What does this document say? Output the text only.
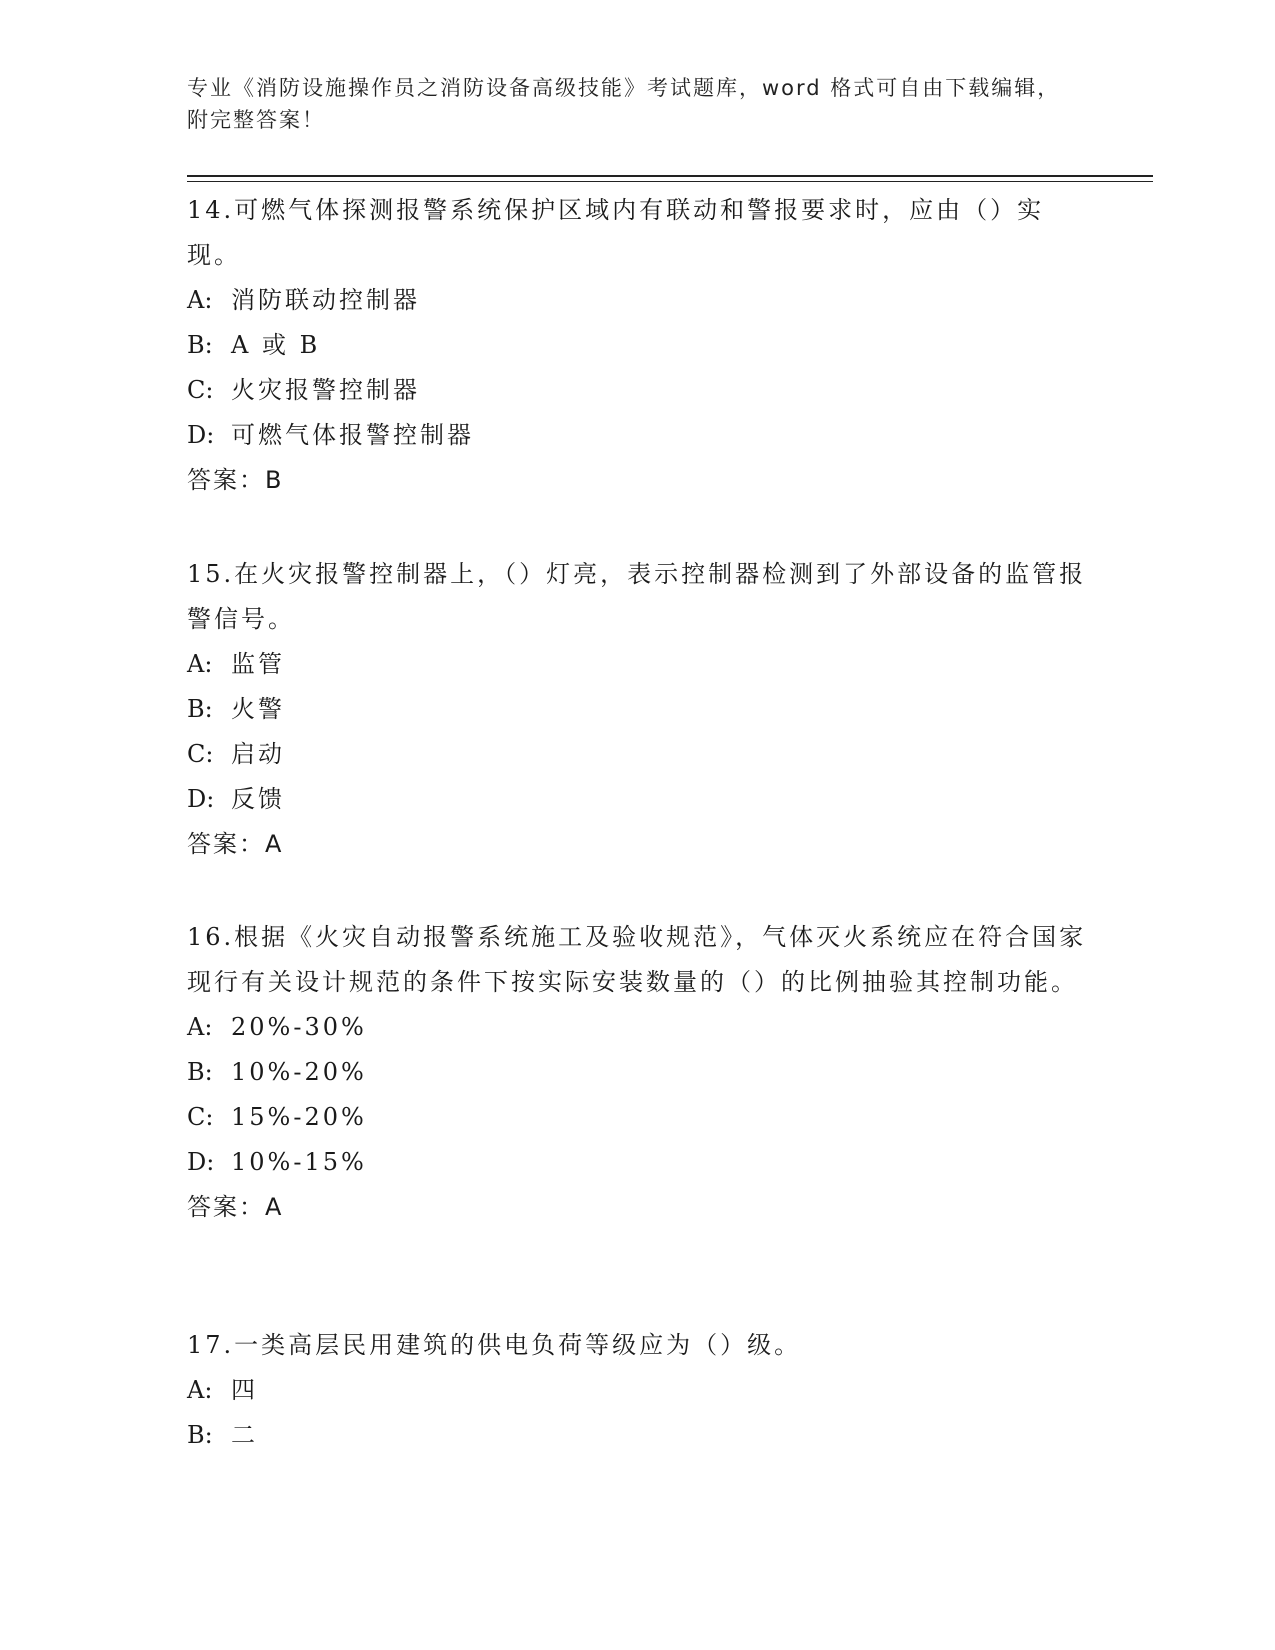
专业《消防设施操作员之消防设备高级技能》考试题库，word 格式可自由下载编辑，附完整答案！

14.可燃气体探测报警系统保护区域内有联动和警报要求时，应由（）实现。

A: 消防联动控制器

B: A 或 B

C: 火灾报警控制器

D: 可燃气体报警控制器

答案：B

15.在火灾报警控制器上，（）灯亮，表示控制器检测到了外部设备的监管报警信号。

A: 监管

B: 火警

C: 启动

D: 反馈

答案：A

16.根据《火灾自动报警系统施工及验收规范》，气体灭火系统应在符合国家现行有关设计规范的条件下按实际安装数量的（）的比例抽验其控制功能。

A: 20%-30%

B: 10%-20%

C: 15%-20%

D: 10%-15%

答案：A

17.一类高层民用建筑的供电负荷等级应为（）级。

A: 四

B: 二
